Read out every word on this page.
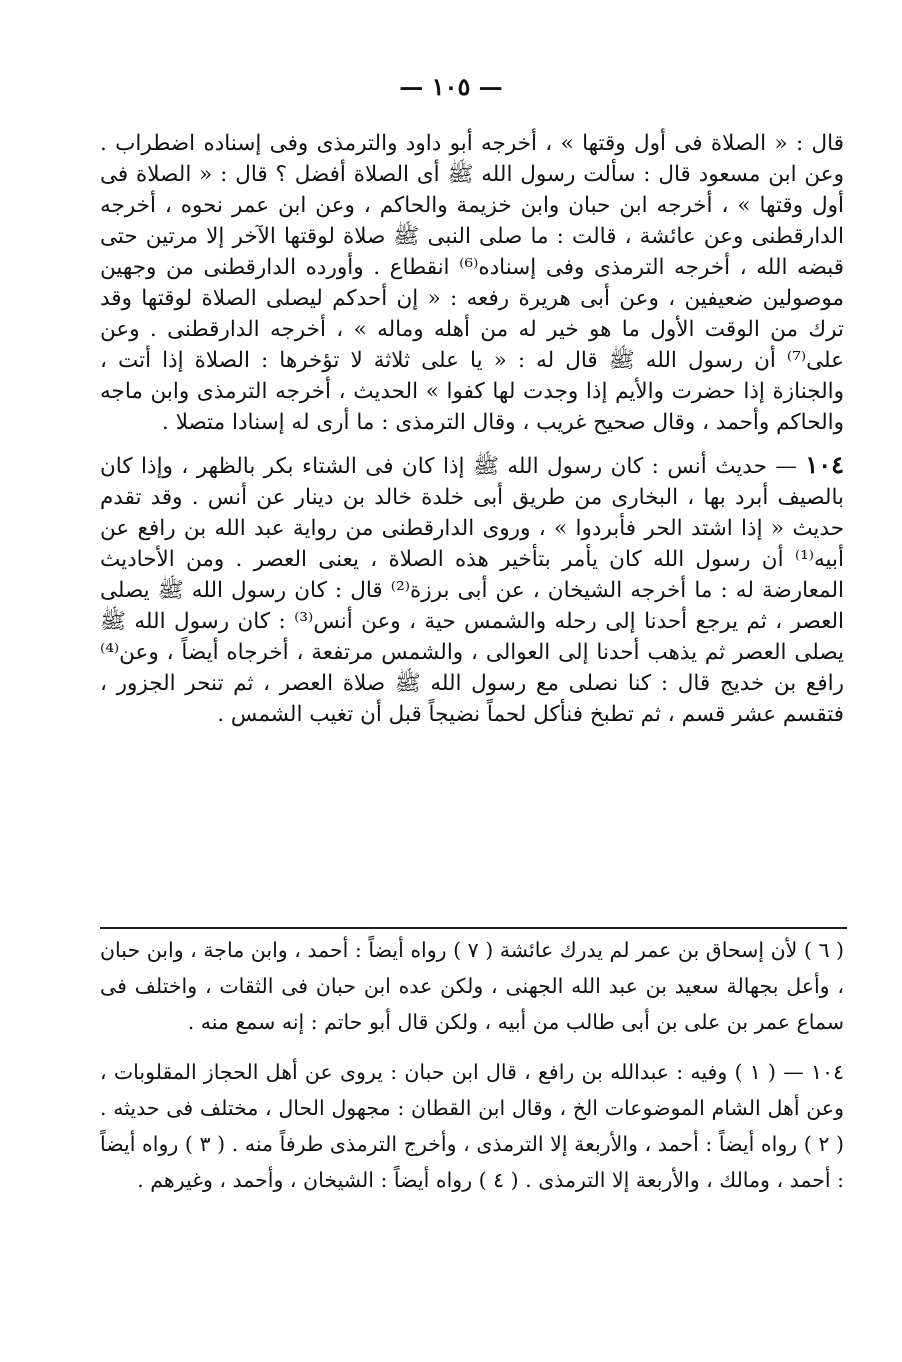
— ١٠٥ —

قال : « الصلاة فى أول وقتها » ، أخرجه أبو داود والترمذى وفى إسناده اضطراب . وعن ابن مسعود قال : سألت رسول الله ﷺ أى الصلاة أفضل ؟ قال : « الصلاة فى أول وقتها » ، أخرجه ابن حبان وابن خزيمة والحاكم ، وعن ابن عمر نحوه ، أخرجه الدارقطنى وعن عائشة ، قالت : ما صلى النبى ﷺ صلاة لوقتها الآخر إلا مرتين حتى قبضه الله ، أخرجه الترمذى وفى إسناده⁽⁶⁾ انقطاع . وأورده الدارقطنى من وجهين موصولين ضعيفين ، وعن أبى هريرة رفعه : « إن أحدكم ليصلى الصلاة لوقتها وقد ترك من الوقت الأول ما هو خير له من أهله وماله » ، أخرجه الدارقطنى . وعن على⁽⁷⁾ أن رسول الله ﷺ قال له : « يا على ثلاثة لا تؤخرها : الصلاة إذا أتت ، والجنازة إذا حضرت والأيم إذا وجدت لها كفوا » الحديث ، أخرجه الترمذى وابن ماجه والحاكم وأحمد ، وقال صحيح غريب ، وقال الترمذى : ما أرى له إسنادا متصلا .

١٠٤ — حديث أنس : كان رسول الله ﷺ إذا كان فى الشتاء بكر بالظهر ، وإذا كان بالصيف أبرد بها ، البخارى من طريق أبى خلدة خالد بن دينار عن أنس . وقد تقدم حديث « إذا اشتد الحر فأبردوا » ، وروى الدارقطنى من رواية عبد الله بن رافع عن أبيه⁽¹⁾ أن رسول الله كان يأمر بتأخير هذه الصلاة ، يعنى العصر . ومن الأحاديث المعارضة له : ما أخرجه الشيخان ، عن أبى برزة⁽²⁾ قال : كان رسول الله ﷺ يصلى العصر ، ثم يرجع أحدنا إلى رحله والشمس حية ، وعن أنس⁽³⁾ : كان رسول الله ﷺ يصلى العصر ثم يذهب أحدنا إلى العوالى ، والشمس مرتفعة ، أخرجاه أيضاً ، وعن⁽⁴⁾ رافع بن خديج قال : كنا نصلى مع رسول الله ﷺ صلاة العصر ، ثم تنحر الجزور ، فتقسم عشر قسم ، ثم تطبخ فنأكل لحماً نضيجاً قبل أن تغيب الشمس .

( ٦ ) لأن إسحاق بن عمر لم يدرك عائشة ( ٧ ) رواه أيضاً : أحمد ، وابن ماجة ، وابن حبان ، وأعل بجهالة سعيد بن عبد الله الجهنى ، ولكن عده ابن حبان فى الثقات ، واختلف فى سماع عمر بن على بن أبى طالب من أبيه ، ولكن قال أبو حاتم : إنه سمع منه .

١٠٤ — ( ١ ) وفيه : عبدالله بن رافع ، قال ابن حبان : يروى عن أهل الحجاز المقلوبات ، وعن أهل الشام الموضوعات الخ ، وقال ابن القطان : مجهول الحال ، مختلف فى حديثه . ( ٢ ) رواه أيضاً : أحمد ، والأربعة إلا الترمذى ، وأخرج الترمذى طرفاً منه . ( ٣ ) رواه أيضاً : أحمد ، ومالك ، والأربعة إلا الترمذى . ( ٤ ) رواه أيضاً : الشيخان ، وأحمد ، وغيرهم .
